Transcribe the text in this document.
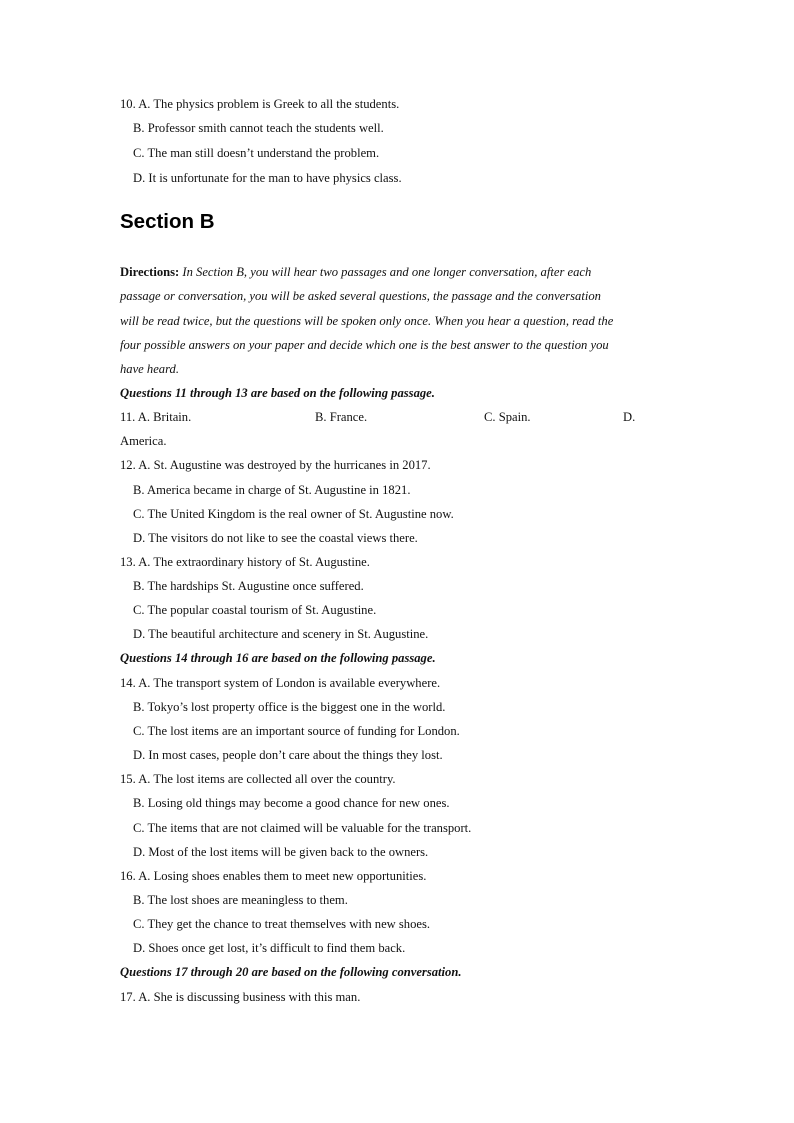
10. A. The physics problem is Greek to all the students.
B. Professor smith cannot teach the students well.
C. The man still doesn’t understand the problem.
D. It is unfortunate for the man to have physics class.
Section B
Directions: In Section B, you will hear two passages and one longer conversation, after each
passage or conversation, you will be asked several questions, the passage and the conversation
will be read twice, but the questions will be spoken only once. When you hear a question, read the
four possible answers on your paper and decide which one is the best answer to the question you
have heard.
Questions 11 through 13 are based on the following passage.
11. A. Britain.	B. France.	C. Spain.	D.
America.
12. A. St. Augustine was destroyed by the hurricanes in 2017.
B. America became in charge of St. Augustine in 1821.
C. The United Kingdom is the real owner of St. Augustine now.
D. The visitors do not like to see the coastal views there.
13. A. The extraordinary history of St. Augustine.
B. The hardships St. Augustine once suffered.
C. The popular coastal tourism of St. Augustine.
D. The beautiful architecture and scenery in St. Augustine.
Questions 14 through 16 are based on the following passage.
14. A. The transport system of London is available everywhere.
B. Tokyo’s lost property office is the biggest one in the world.
C. The lost items are an important source of funding for London.
D. In most cases, people don’t care about the things they lost.
15. A. The lost items are collected all over the country.
B. Losing old things may become a good chance for new ones.
C. The items that are not claimed will be valuable for the transport.
D. Most of the lost items will be given back to the owners.
16. A. Losing shoes enables them to meet new opportunities.
B. The lost shoes are meaningless to them.
C. They get the chance to treat themselves with new shoes.
D. Shoes once get lost, it’s difficult to find them back.
Questions 17 through 20 are based on the following conversation.
17. A. She is discussing business with this man.
